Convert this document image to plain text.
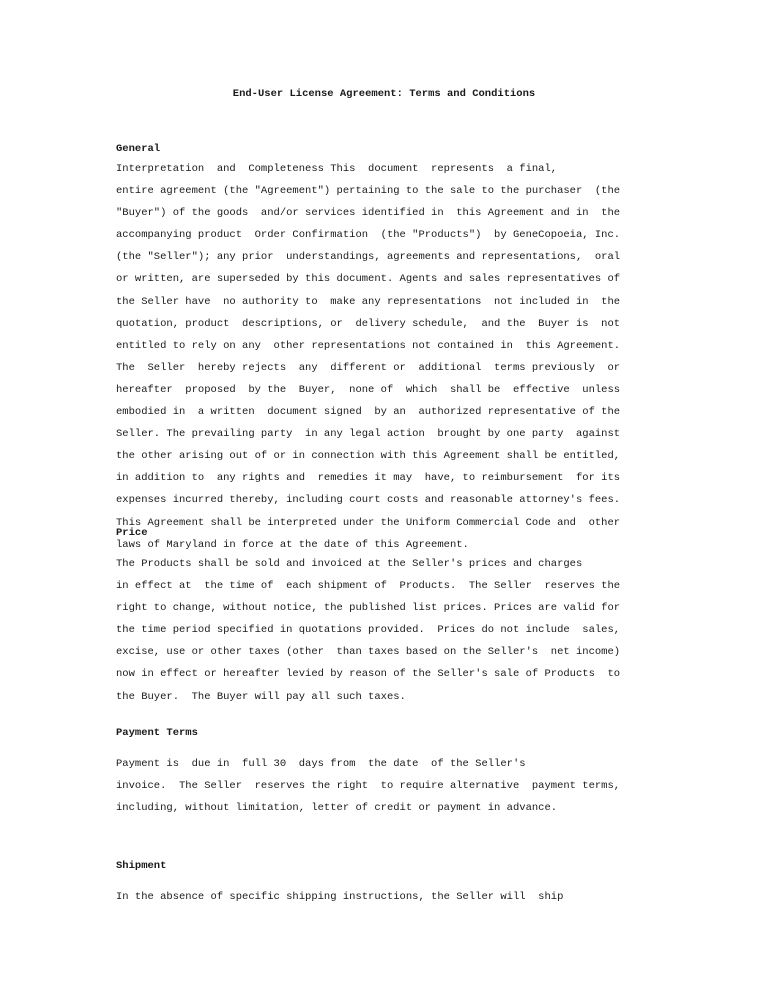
End-User License Agreement: Terms and Conditions
General
Interpretation  and  Completeness This  document  represents  a final,
entire agreement (the "Agreement") pertaining to the sale to the purchaser  (the
"Buyer") of the goods  and/or services identified in  this Agreement and in  the
accompanying product  Order Confirmation  (the "Products")  by GeneCopoeia, Inc.
(the "Seller"); any prior  understandings, agreements and representations,  oral
or written, are superseded by this document. Agents and sales representatives of
the Seller have  no authority to  make any representations  not included in  the
quotation, product  descriptions, or  delivery schedule,  and the  Buyer is  not
entitled to rely on any  other representations not contained in  this Agreement.
The  Seller  hereby rejects  any  different or  additional  terms previously  or
hereafter  proposed  by the  Buyer,  none of  which  shall be  effective  unless
embodied in  a written  document signed  by an  authorized representative of the
Seller. The prevailing party  in any legal action  brought by one party  against
the other arising out of or in connection with this Agreement shall be entitled,
in addition to  any rights and  remedies it may  have, to reimbursement  for its
expenses incurred thereby, including court costs and reasonable attorney's fees.
This Agreement shall be interpreted under the Uniform Commercial Code and  other
laws of Maryland in force at the date of this Agreement.
Price
The Products shall be sold and invoiced at the Seller's prices and charges
in effect at  the time of  each shipment of  Products.  The Seller  reserves the
right to change, without notice, the published list prices. Prices are valid for
the time period specified in quotations provided.  Prices do not include  sales,
excise, use or other taxes (other  than taxes based on the Seller's  net income)
now in effect or hereafter levied by reason of the Seller's sale of Products  to
the Buyer.  The Buyer will pay all such taxes.
Payment Terms
Payment is  due in  full 30  days from  the date  of the Seller's
invoice.  The Seller  reserves the right  to require alternative  payment terms,
including, without limitation, letter of credit or payment in advance.
Shipment
In the absence of specific shipping instructions, the Seller will  ship
